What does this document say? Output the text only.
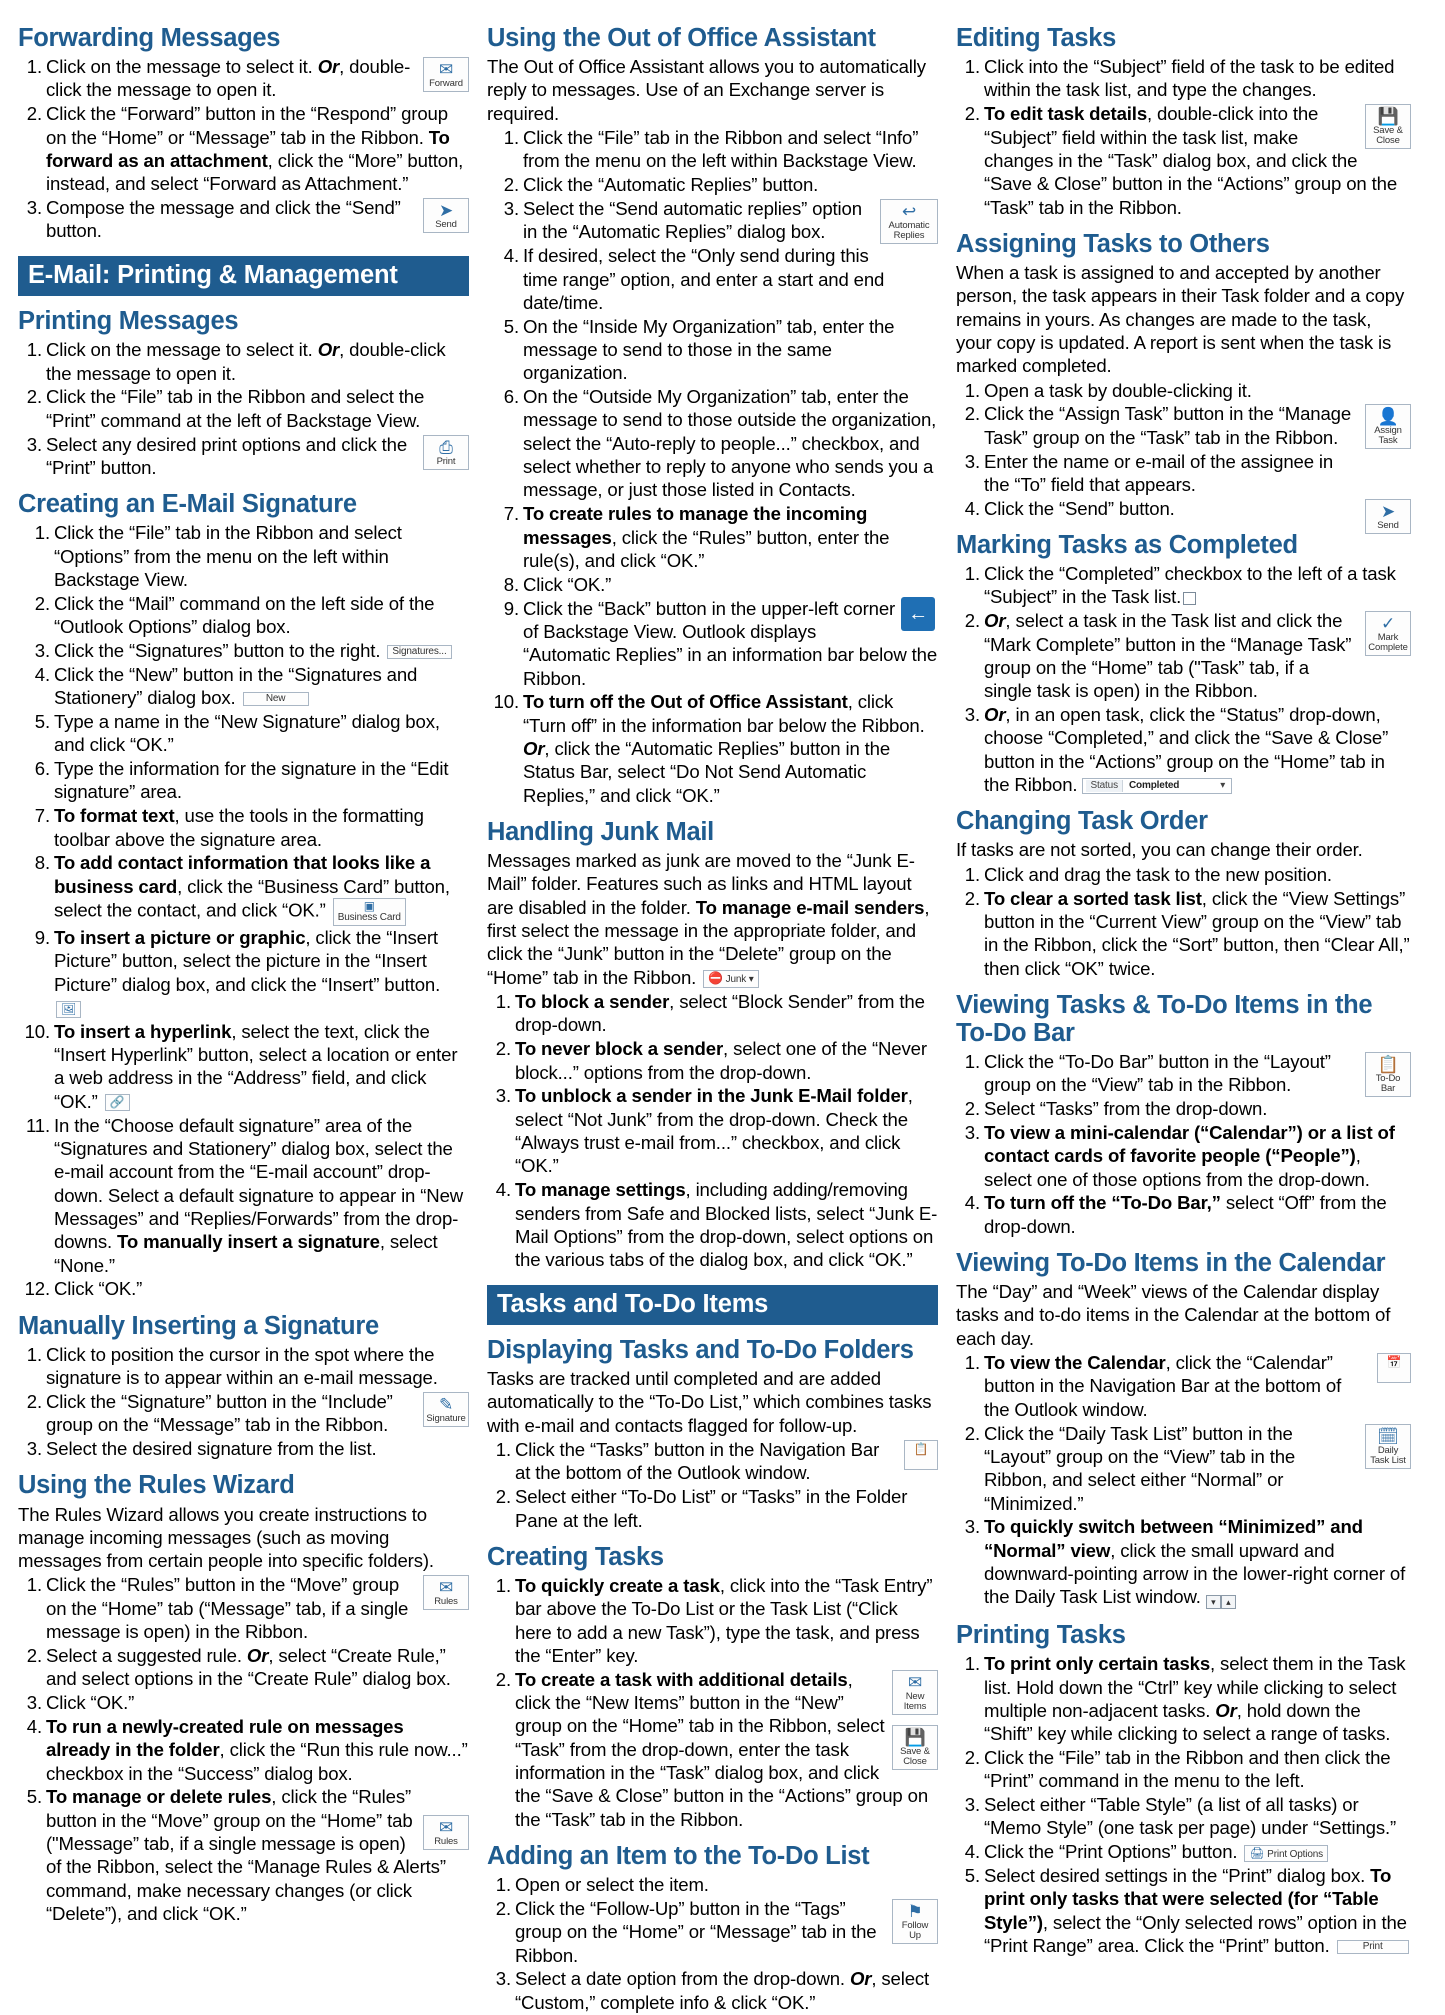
Forwarding Messages
✉
Forward
Click on the message to select it. Or, double-click the message to open it.
Click the “Forward” button in the “Respond” group on the “Home” or “Message” tab in the Ribbon. To forward as an attachment, click the “More” button, instead, and select “Forward as Attachment.”
➤
Send
Compose the message and click the “Send” button.
E-Mail: Printing & Management
Printing Messages
Click on the message to select it. Or, double-click the message to open it.
Click the “File” tab in the Ribbon and select the “Print” command at the left of Backstage View.
⎙
Print
Select any desired print options and click the “Print” button.
Creating an E-Mail Signature
Click the “File” tab in the Ribbon and select “Options” from the menu on the left within Backstage View.
Click the “Mail” command on the left side of the “Outlook Options” dialog box.
Click the “Signatures” button to the right. Signatures...
Click the “New” button in the “Signatures and Stationery” dialog box.	New
Type a name in the “New Signature” dialog box, and click “OK.”
Type the information for the signature in the “Edit signature” area.
To format text, use the tools in the formatting toolbar above the signature area.
To add contact information that looks like a business card, click the “Business Card” button, select the contact, and click “OK.”	▣
Business Card
To insert a picture or graphic, click the “Insert Picture” button, select the picture in the “Insert Picture” dialog box, and click the “Insert” button.
🖼
To insert a hyperlink, select the text, click the “Insert Hyperlink” button, select a location or enter a web address in the “Address” field, and click “OK.” 🔗
In the “Choose default signature” area of the “Signatures and Stationery” dialog box, select the e-mail account from the “E-mail account” drop-down. Select a default signature to appear in “New Messages” and “Replies/Forwards” from the drop-downs. To manually insert a signature, select “None.”
Click “OK.”
Manually Inserting a Signature
Click to position the cursor in the spot where the signature is to appear within an e-mail message.
✎
Signature
Click the “Signature” button in the “Include” group on the “Message” tab in the Ribbon.
Select the desired signature from the list.
Using the Rules Wizard

The Rules Wizard allows you create instructions to manage incoming messages (such as moving messages from certain people into specific folders).

✉
Rules
Click the “Rules” button in the “Move” group on the “Home” tab (“Message” tab, if a single message is open) in the Ribbon.
Select a suggested rule. Or, select “Create Rule,” and select options in the “Create Rule” dialog box.
Click “OK.”
To run a newly-created rule on messages already in the folder, click the “Run this rule now...” checkbox in the “Success” dialog box.
✉
Rules
To manage or delete rules, click the “Rules” button in the “Move” group on the “Home” tab ("Message” tab, if a single message is open) of the Ribbon, select the “Manage Rules & Alerts” command, make necessary changes (or click “Delete”), and click “OK.”
Using the Out of Office Assistant

The Out of Office Assistant allows you to automatically reply to messages. Use of an Exchange server is required.

Click the “File” tab in the Ribbon and select “Info” from the menu on the left within Backstage View.
Click the “Automatic Replies” button.
↩
Automatic Replies
Select the “Send automatic replies” option in the “Automatic Replies” dialog box.
If desired, select the “Only send during this time range” option, and enter a start and end date/time.
On the “Inside My Organization” tab, enter the message to send to those in the same organization.
On the “Outside My Organization” tab, enter the message to send to those outside the organization, select the “Auto-reply to people...” checkbox, and select whether to reply to anyone who sends you a message, or just those listed in Contacts.
To create rules to manage the incoming messages, click the “Rules” button, enter the rule(s), and click “OK.”
Click “OK.”
←
Click the “Back” button in the upper-left corner of Backstage View. Outlook displays “Automatic Replies” in an information bar below the Ribbon.
To turn off the Out of Office Assistant, click “Turn off” in the information bar below the Ribbon. Or, click the “Automatic Replies” button in the Status Bar, select “Do Not Send Automatic Replies,” and click “OK.”
Handling Junk Mail

Messages marked as junk are moved to the “Junk E-Mail” folder. Features such as links and HTML layout are disabled in the folder. To manage e-mail senders, first select the message in the appropriate folder, and click the “Junk” button in the “Delete” group on the “Home” tab in the Ribbon. ⛔ Junk ▾

To block a sender, select “Block Sender” from the drop-down.
To never block a sender, select one of the “Never block...” options from the drop-down.
To unblock a sender in the Junk E-Mail folder, select “Not Junk” from the drop-down. Check the “Always trust e-mail from...” checkbox, and click “OK.”
To manage settings, including adding/removing senders from Safe and Blocked lists, select “Junk E-Mail Options” from the drop-down, select options on the various tabs of the dialog box, and click “OK.”
Tasks and To-Do Items
Displaying Tasks and To-Do Folders

Tasks are tracked until completed and are added automatically to the “To-Do List,” which combines tasks with e-mail and contacts flagged for follow-up.

📋
Click the “Tasks” button in the Navigation Bar at the bottom of the Outlook window.
Select either “To-Do List” or “Tasks” in the Folder Pane at the left.
Creating Tasks
To quickly create a task, click into the “Task Entry” bar above the To-Do List or the Task List (“Click here to add a new Task”), type the task, and press the “Enter” key.
✉
New Items
💾
Save & Close
To create a task with additional details, click the “New Items” button in the “New” group on the “Home” tab in the Ribbon, select “Task” from the drop-down, enter the task information in the “Task” dialog box, and click the “Save & Close” button in the “Actions” group on the “Task” tab in the Ribbon.
Adding an Item to the To-Do List
Open or select the item.
⚑
Follow Up
Click the “Follow-Up” button in the “Tags” group on the “Home” or “Message” tab in the Ribbon.
Select a date option from the drop-down. Or, select “Custom,” complete info & click “OK.”
Editing Tasks
Click into the “Subject” field of the task to be edited within the task list, and type the changes.
💾
Save & Close
To edit task details, double-click into the “Subject” field within the task list, make changes in the “Task” dialog box, and click the “Save & Close” button in the “Actions” group on the “Task” tab in the Ribbon.
Assigning Tasks to Others

When a task is assigned to and accepted by another person, the task appears in their Task folder and a copy remains in yours. As changes are made to the task, your copy is updated. A report is sent when the task is marked completed.

Open a task by double-clicking it.
👤
Assign Task
Click the “Assign Task” button in the “Manage Task” group on the “Task” tab in the Ribbon.
Enter the name or e-mail of the assignee in the “To” field that appears.
➤
Send
Click the “Send” button.
Marking Tasks as Completed
Click the “Completed” checkbox to the left of a task “Subject” in the Task list.
✓
Mark Complete
Or, select a task in the Task list and click the “Mark Complete” button in the “Manage Task” group on the “Home” tab ("Task” tab, if a single task is open) in the Ribbon.
Or, in an open task, click the “Status” drop-down, choose “Completed,” and click the “Save & Close” button in the “Actions” group on the “Home” tab in the Ribbon. Status Completed	▾
Changing Task Order

If tasks are not sorted, you can change their order.

Click and drag the task to the new position.
To clear a sorted task list, click the “View Settings” button in the “Current View” group on the “View” tab in the Ribbon, click the “Sort” button, then “Clear All,” then click “OK” twice.
Viewing Tasks & To-Do Items in the To-Do Bar
📋
To-Do Bar
Click the “To-Do Bar” button in the “Layout” group on the “View” tab in the Ribbon.
Select “Tasks” from the drop-down.
To view a mini-calendar (“Calendar”) or a list of contact cards of favorite people (“People”), select one of those options from the drop-down.
To turn off the “To-Do Bar,” select “Off” from the drop-down.
Viewing To-Do Items in the Calendar

The “Day” and “Week” views of the Calendar display tasks and to-do items in the Calendar at the bottom of each day.

📅
To view the Calendar, click the “Calendar” button in the Navigation Bar at the bottom of the Outlook window.
🗓
Daily Task List
Click the “Daily Task List” button in the “Layout” group on the “View” tab in the Ribbon, and select either “Normal” or “Minimized.”
To quickly switch between “Minimized” and “Normal” view, click the small upward and downward-pointing arrow in the lower-right corner of the Daily Task List window. ▾ ▴
Printing Tasks
To print only certain tasks, select them in the Task list. Hold down the “Ctrl” key while clicking to select multiple non-adjacent tasks. Or, hold down the “Shift” key while clicking to select a range of tasks.
Click the “File” tab in the Ribbon and then click the “Print” command in the menu to the left.
Select either “Table Style” (a list of all tasks) or “Memo Style” (one task per page) under “Settings.”
Click the “Print Options” button. 🖨 Print Options
Select desired settings in the “Print” dialog box. To print only tasks that were selected (for “Table Style”), select the “Only selected rows” option in the “Print Range” area. Click the “Print” button.	Print
